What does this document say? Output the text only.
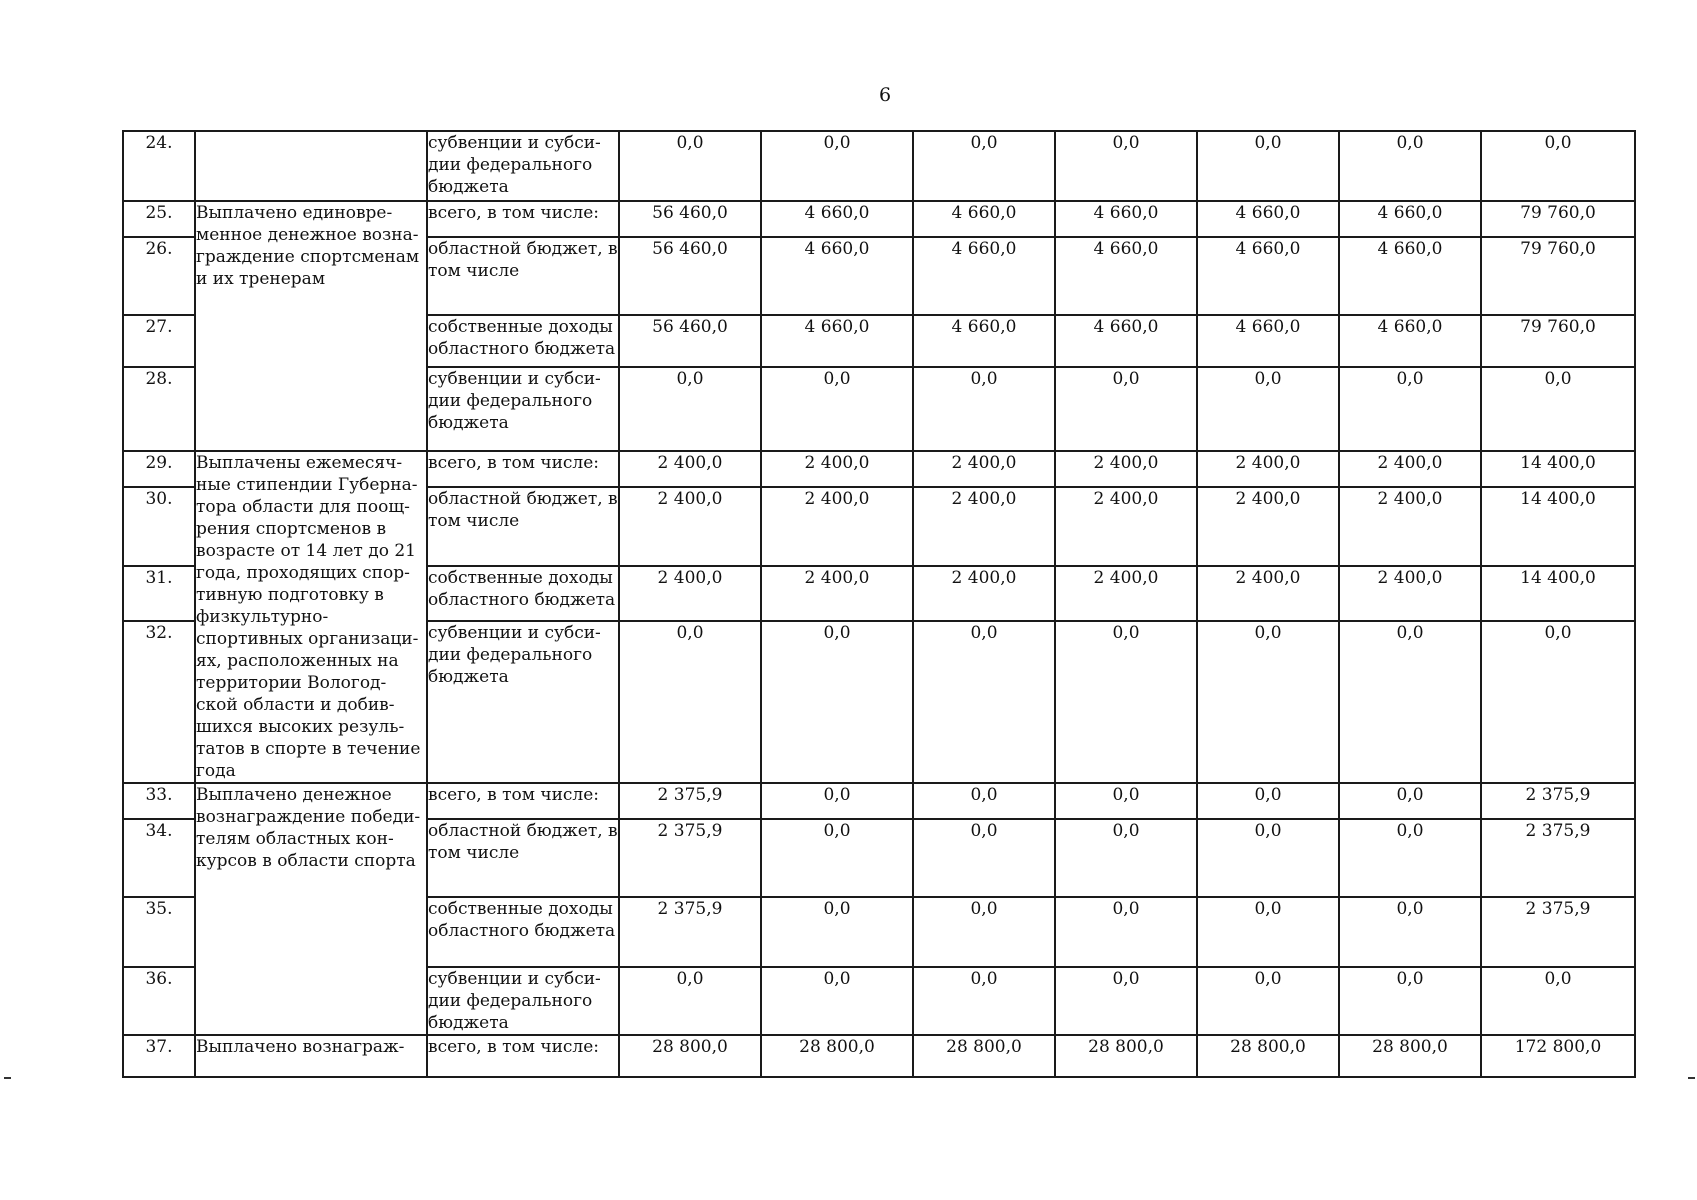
6
24.		субвенции и субси-дии федерального бюджета	0,0	0,0	0,0	0,0	0,0	0,0	0,0
25.	Выплачено единовре-менное денежное возна-граждение спортсменам и их тренерам	всего, в том числе:	56 460,0	4 660,0	4 660,0	4 660,0	4 660,0	4 660,0	79 760,0
26.		областной бюджет, в том числе	56 460,0	4 660,0	4 660,0	4 660,0	4 660,0	4 660,0	79 760,0
27.		собственные доходы областного бюджета	56 460,0	4 660,0	4 660,0	4 660,0	4 660,0	4 660,0	79 760,0
28.		субвенции и субси-дии федерального бюджета	0,0	0,0	0,0	0,0	0,0	0,0	0,0
29.	Выплачены ежемесяч-ные стипендии Губерна-тора области для поощ-рения спортсменов в возрасте от 14 лет до 21 года, проходящих спор-тивную подготовку в физкультурно-спортивных организаци-ях, расположенных на территории Вологод-ской области и добив-шихся высоких резуль-татов в спорте в течение года	всего, в том числе:	2 400,0	2 400,0	2 400,0	2 400,0	2 400,0	2 400,0	14 400,0
30.		областной бюджет, в том числе	2 400,0	2 400,0	2 400,0	2 400,0	2 400,0	2 400,0	14 400,0
31.		собственные доходы областного бюджета	2 400,0	2 400,0	2 400,0	2 400,0	2 400,0	2 400,0	14 400,0
32.		субвенции и субси-дии федерального бюджета	0,0	0,0	0,0	0,0	0,0	0,0	0,0
33.	Выплачено денежное вознаграждение победи-телям областных кон-курсов в области спорта	всего, в том числе:	2 375,9	0,0	0,0	0,0	0,0	0,0	2 375,9
34.		областной бюджет, в том числе	2 375,9	0,0	0,0	0,0	0,0	0,0	2 375,9
35.		собственные доходы областного бюджета	2 375,9	0,0	0,0	0,0	0,0	0,0	2 375,9
36.		субвенции и субси-дии федерального бюджета	0,0	0,0	0,0	0,0	0,0	0,0	0,0
37.	Выплачено вознаграж-	всего, в том числе:	28 800,0	28 800,0	28 800,0	28 800,0	28 800,0	28 800,0	172 800,0
